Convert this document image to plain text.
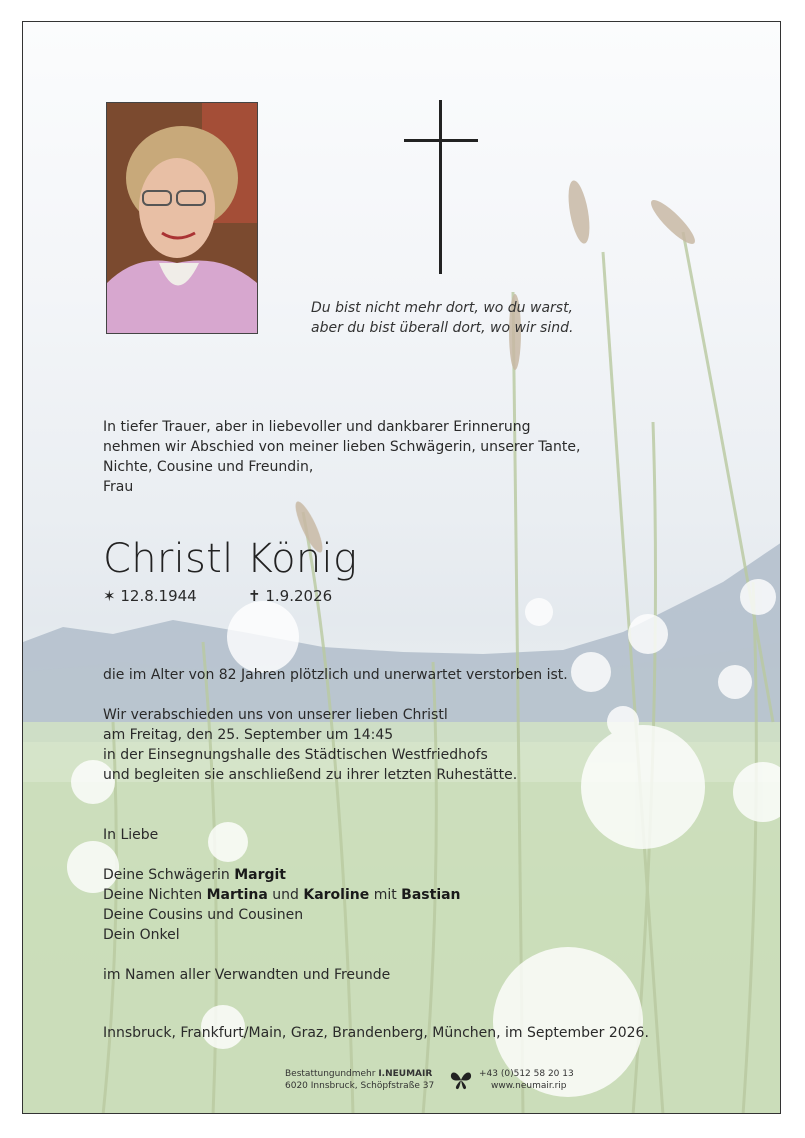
Du bist nicht mehr dort, wo du warst,
aber du bist überall dort, wo wir sind.
In tiefer Trauer, aber in liebevoller und dankbarer Erinnerung
nehmen wir Abschied von meiner lieben Schwägerin, unserer Tante,
Nichte, Cousine und Freundin,
Frau
Christl König
✶ 12.8.1944	✝ 1.9.2026
die im Alter von 82 Jahren plötzlich und unerwartet verstorben ist.
Wir verabschieden uns von unserer lieben Christl
am Freitag, den 25. September um 14:45
in der Einsegnungshalle des Städtischen Westfriedhofs
und begleiten sie anschließend zu ihrer letzten Ruhestätte.
In Liebe
Deine Schwägerin Margit
Deine Nichten Martina und Karoline mit Bastian
Deine Cousins und Cousinen
Dein Onkel
im Namen aller Verwandten und Freunde
Innsbruck, Frankfurt/Main, Graz, Brandenberg, München, im September 2026.
Bestattungundmehr I.NEUMAIR
6020 Innsbruck, Schöpfstraße 37
+43 (0)512 58 20 13
www.neumair.rip
